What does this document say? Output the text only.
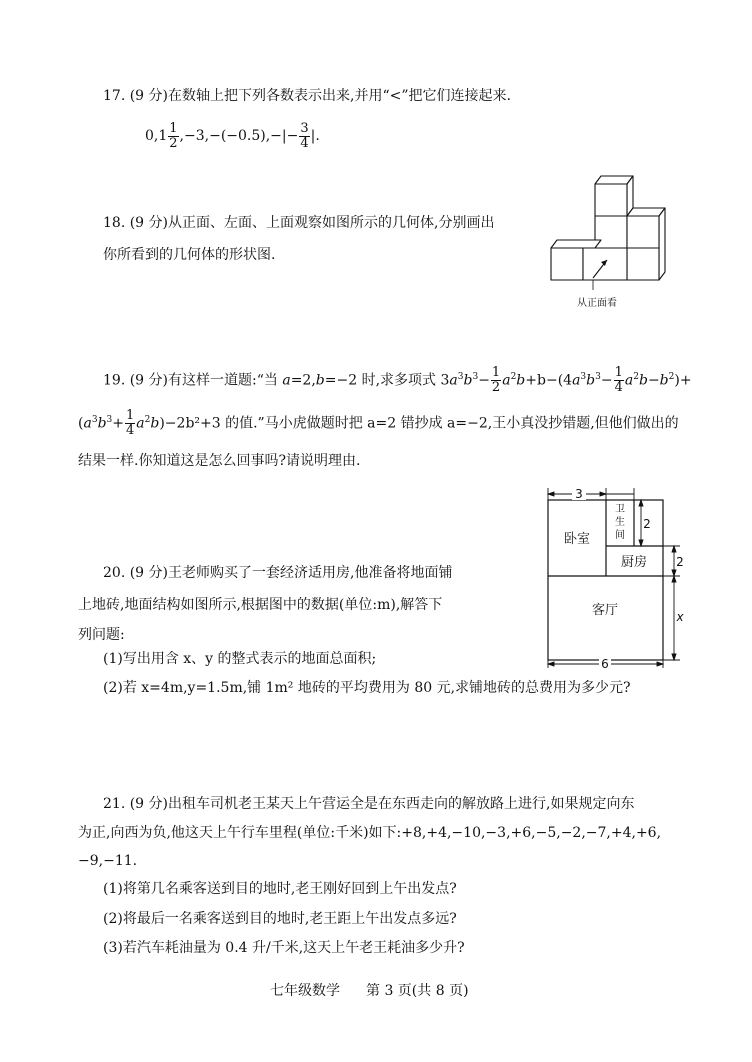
17. (9 分)在数轴上把下列各数表示出来,并用“<”把它们连接起来.
$0,1 \frac{1}{2} ,-3,-(-0.5),-|- \frac{3}{4}$ |.
18. (9 分)从正面、左面、上面观察如图所示的几何体,分别画出
你所看到的几何体的形状图.
从正面看
19. (9 分)有这样一道题:“当 a=2,b=−2 时,求多项式 $3a^3b^3- \frac{1}{2} a^2b+b-(4a^3b^3- \frac{1}{4} a^2b-b^2)+$
$(a^3b^3+ \frac{1}{4} a^2b)-2b^2+3$ 的值.”马小虎做题时把 a=2 错抄成 a=−2,王小真没抄错题,但他们做出的
结果一样.你知道这是怎么回事吗?请说明理由.
20. (9 分)王老师购买了一套经济适用房,他准备将地面铺
上地砖,地面结构如图所示,根据图中的数据(单位:m),解答下
列问题:
(1)写出用含 x、y 的整式表示的地面总面积;
(2)若 x=4m,y=1.5m,铺 1m² 地砖的平均费用为 80 元,求铺地砖的总费用为多少元?
3
卧室
卫
生
间
2
厨房 2
客厅	x
6
21. (9 分)出租车司机老王某天上午营运全是在东西走向的解放路上进行,如果规定向东
为正,向西为负,他这天上午行车里程(单位:千米)如下:+8,+4,−10,−3,+6,−5,−2,−7,+4,+6,
−9,−11.
(1)将第几名乘客送到目的地时,老王刚好回到上午出发点?
(2)将最后一名乘客送到目的地时,老王距上午出发点多远?
(3)若汽车耗油量为 0.4 升/千米,这天上午老王耗油多少升?
七年级数学 第 3 页(共 8 页)
